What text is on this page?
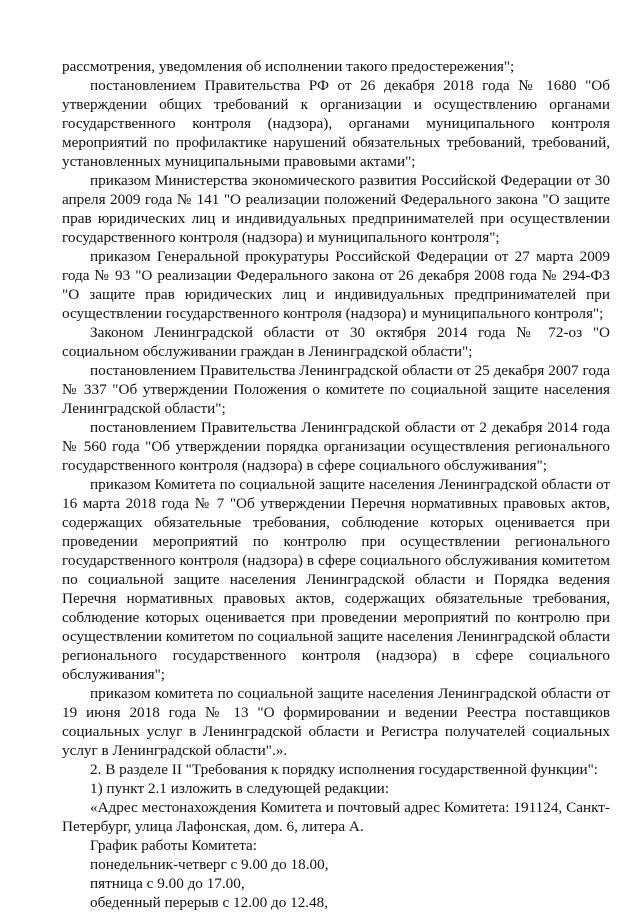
рассмотрения, уведомления об исполнении такого предостережения";

постановлением Правительства РФ от 26 декабря 2018 года № 1680 "Об утверждении общих требований к организации и осуществлению органами государственного контроля (надзора), органами муниципального контроля мероприятий по профилактике нарушений обязательных требований, требований, установленных муниципальными правовыми актами";

приказом Министерства экономического развития Российской Федерации от 30 апреля 2009 года № 141 "О реализации положений Федерального закона "О защите прав юридических лиц и индивидуальных предпринимателей при осуществлении государственного контроля (надзора) и муниципального контроля";

приказом Генеральной прокуратуры Российской Федерации от 27 марта 2009 года № 93 "О реализации Федерального закона от 26 декабря 2008 года № 294-ФЗ "О защите прав юридических лиц и индивидуальных предпринимателей при осуществлении государственного контроля (надзора) и муниципального контроля";

Законом Ленинградской области от 30 октября 2014 года № 72-оз "О социальном обслуживании граждан в Ленинградской области";

постановлением Правительства Ленинградской области от 25 декабря 2007 года № 337 "Об утверждении Положения о комитете по социальной защите населения Ленинградской области";

постановлением Правительства Ленинградской области от 2 декабря 2014 года № 560 года "Об утверждении порядка организации осуществления регионального государственного контроля (надзора) в сфере социального обслуживания";

приказом Комитета по социальной защите населения Ленинградской области от 16 марта 2018 года № 7 "Об утверждении Перечня нормативных правовых актов, содержащих обязательные требования, соблюдение которых оценивается при проведении мероприятий по контролю при осуществлении регионального государственного контроля (надзора) в сфере социального обслуживания комитетом по социальной защите населения Ленинградской области и Порядка ведения Перечня нормативных правовых актов, содержащих обязательные требования, соблюдение которых оценивается при проведении мероприятий по контролю при осуществлении комитетом по социальной защите населения Ленинградской области регионального государственного контроля (надзора) в сфере социального обслуживания";

приказом комитета по социальной защите населения Ленинградской области от 19 июня 2018 года № 13 "О формировании и ведении Реестра поставщиков социальных услуг в Ленинградской области и Регистра получателей социальных услуг в Ленинградской области".».

2. В разделе II "Требования к порядку исполнения государственной функции":

1) пункт 2.1 изложить в следующей редакции:

«Адрес местонахождения Комитета и почтовый адрес Комитета: 191124, Санкт-Петербург, улица Лафонская, дом. 6, литера А.

График работы Комитета:

понедельник-четверг с 9.00 до 18.00,

пятница с 9.00 до 17.00,

обеденный перерыв с 12.00 до 12.48,
